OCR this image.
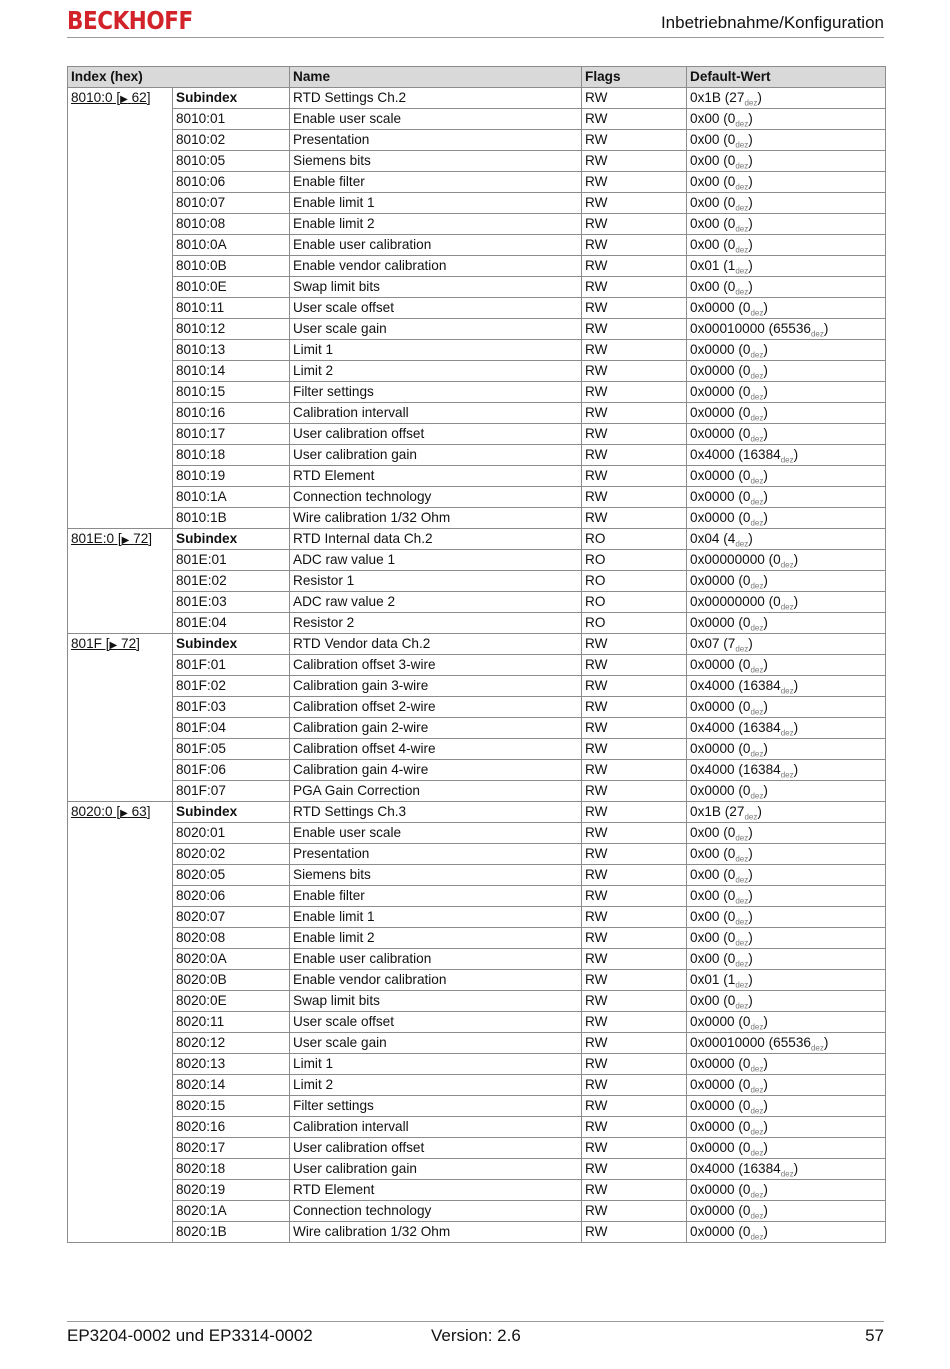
BECKHOFF	Inbetriebnahme/Konfiguration
Index (hex)		Name	Flags	Default-Wert
8010:0 [▶ 62]	Subindex	RTD Settings Ch.2	RW	0x1B $(27_{dez})$
	8010:01	Enable user scale	RW	0x00 $(0_{dez})$
	8010:02	Presentation	RW	0x00 $(0_{dez})$
	8010:05	Siemens bits	RW	0x00 $(0_{dez})$
	8010:06	Enable filter	RW	0x00 $(0_{dez})$
	8010:07	Enable limit 1	RW	0x00 $(0_{dez})$
	8010:08	Enable limit 2	RW	0x00 $(0_{dez})$
	8010:0A	Enable user calibration	RW	0x00 $(0_{dez})$
	8010:0B	Enable vendor calibration	RW	0x01 $(1_{dez})$
	8010:0E	Swap limit bits	RW	0x00 $(0_{dez})$
	8010:11	User scale offset	RW	0x0000 $(0_{dez})$
	8010:12	User scale gain	RW	0x00010000 $(65536_{dez})$
	8010:13	Limit 1	RW	0x0000 $(0_{dez})$
	8010:14	Limit 2	RW	0x0000 $(0_{dez})$
	8010:15	Filter settings	RW	0x0000 $(0_{dez})$
	8010:16	Calibration intervall	RW	0x0000 $(0_{dez})$
	8010:17	User calibration offset	RW	0x0000 $(0_{dez})$
	8010:18	User calibration gain	RW	0x4000 $(16384_{dez})$
	8010:19	RTD Element	RW	0x0000 $(0_{dez})$
	8010:1A	Connection technology	RW	0x0000 $(0_{dez})$
	8010:1B	Wire calibration 1/32 Ohm	RW	0x0000 $(0_{dez})$
801E:0 [▶ 72]	Subindex	RTD Internal data Ch.2	RO	0x04 $(4_{dez})$
	801E:01	ADC raw value 1	RO	0x00000000 $(0_{dez})$
	801E:02	Resistor 1	RO	0x0000 $(0_{dez})$
	801E:03	ADC raw value 2	RO	0x00000000 $(0_{dez})$
	801E:04	Resistor 2	RO	0x0000 $(0_{dez})$
801F [▶ 72]	Subindex	RTD Vendor data Ch.2	RW	0x07 $(7_{dez})$
	801F:01	Calibration offset 3-wire	RW	0x0000 $(0_{dez})$
	801F:02	Calibration gain 3-wire	RW	0x4000 $(16384_{dez})$
	801F:03	Calibration offset 2-wire	RW	0x0000 $(0_{dez})$
	801F:04	Calibration gain 2-wire	RW	0x4000 $(16384_{dez})$
	801F:05	Calibration offset 4-wire	RW	0x0000 $(0_{dez})$
	801F:06	Calibration gain 4-wire	RW	0x4000 $(16384_{dez})$
	801F:07	PGA Gain Correction	RW	0x0000 $(0_{dez})$
8020:0 [▶ 63]	Subindex	RTD Settings Ch.3	RW	0x1B $(27_{dez})$
	8020:01	Enable user scale	RW	0x00 $(0_{dez})$
	8020:02	Presentation	RW	0x00 $(0_{dez})$
	8020:05	Siemens bits	RW	0x00 $(0_{dez})$
	8020:06	Enable filter	RW	0x00 $(0_{dez})$
	8020:07	Enable limit 1	RW	0x00 $(0_{dez})$
	8020:08	Enable limit 2	RW	0x00 $(0_{dez})$
	8020:0A	Enable user calibration	RW	0x00 $(0_{dez})$
	8020:0B	Enable vendor calibration	RW	0x01 $(1_{dez})$
	8020:0E	Swap limit bits	RW	0x00 $(0_{dez})$
	8020:11	User scale offset	RW	0x0000 $(0_{dez})$
	8020:12	User scale gain	RW	0x00010000 $(65536_{dez})$
	8020:13	Limit 1	RW	0x0000 $(0_{dez})$
	8020:14	Limit 2	RW	0x0000 $(0_{dez})$
	8020:15	Filter settings	RW	0x0000 $(0_{dez})$
	8020:16	Calibration intervall	RW	0x0000 $(0_{dez})$
	8020:17	User calibration offset	RW	0x0000 $(0_{dez})$
	8020:18	User calibration gain	RW	0x4000 $(16384_{dez})$
	8020:19	RTD Element	RW	0x0000 $(0_{dez})$
	8020:1A	Connection technology	RW	0x0000 $(0_{dez})$
	8020:1B	Wire calibration 1/32 Ohm	RW	0x0000 $(0_{dez})$
EP3204-0002 und EP3314-0002	Version: 2.6	57
